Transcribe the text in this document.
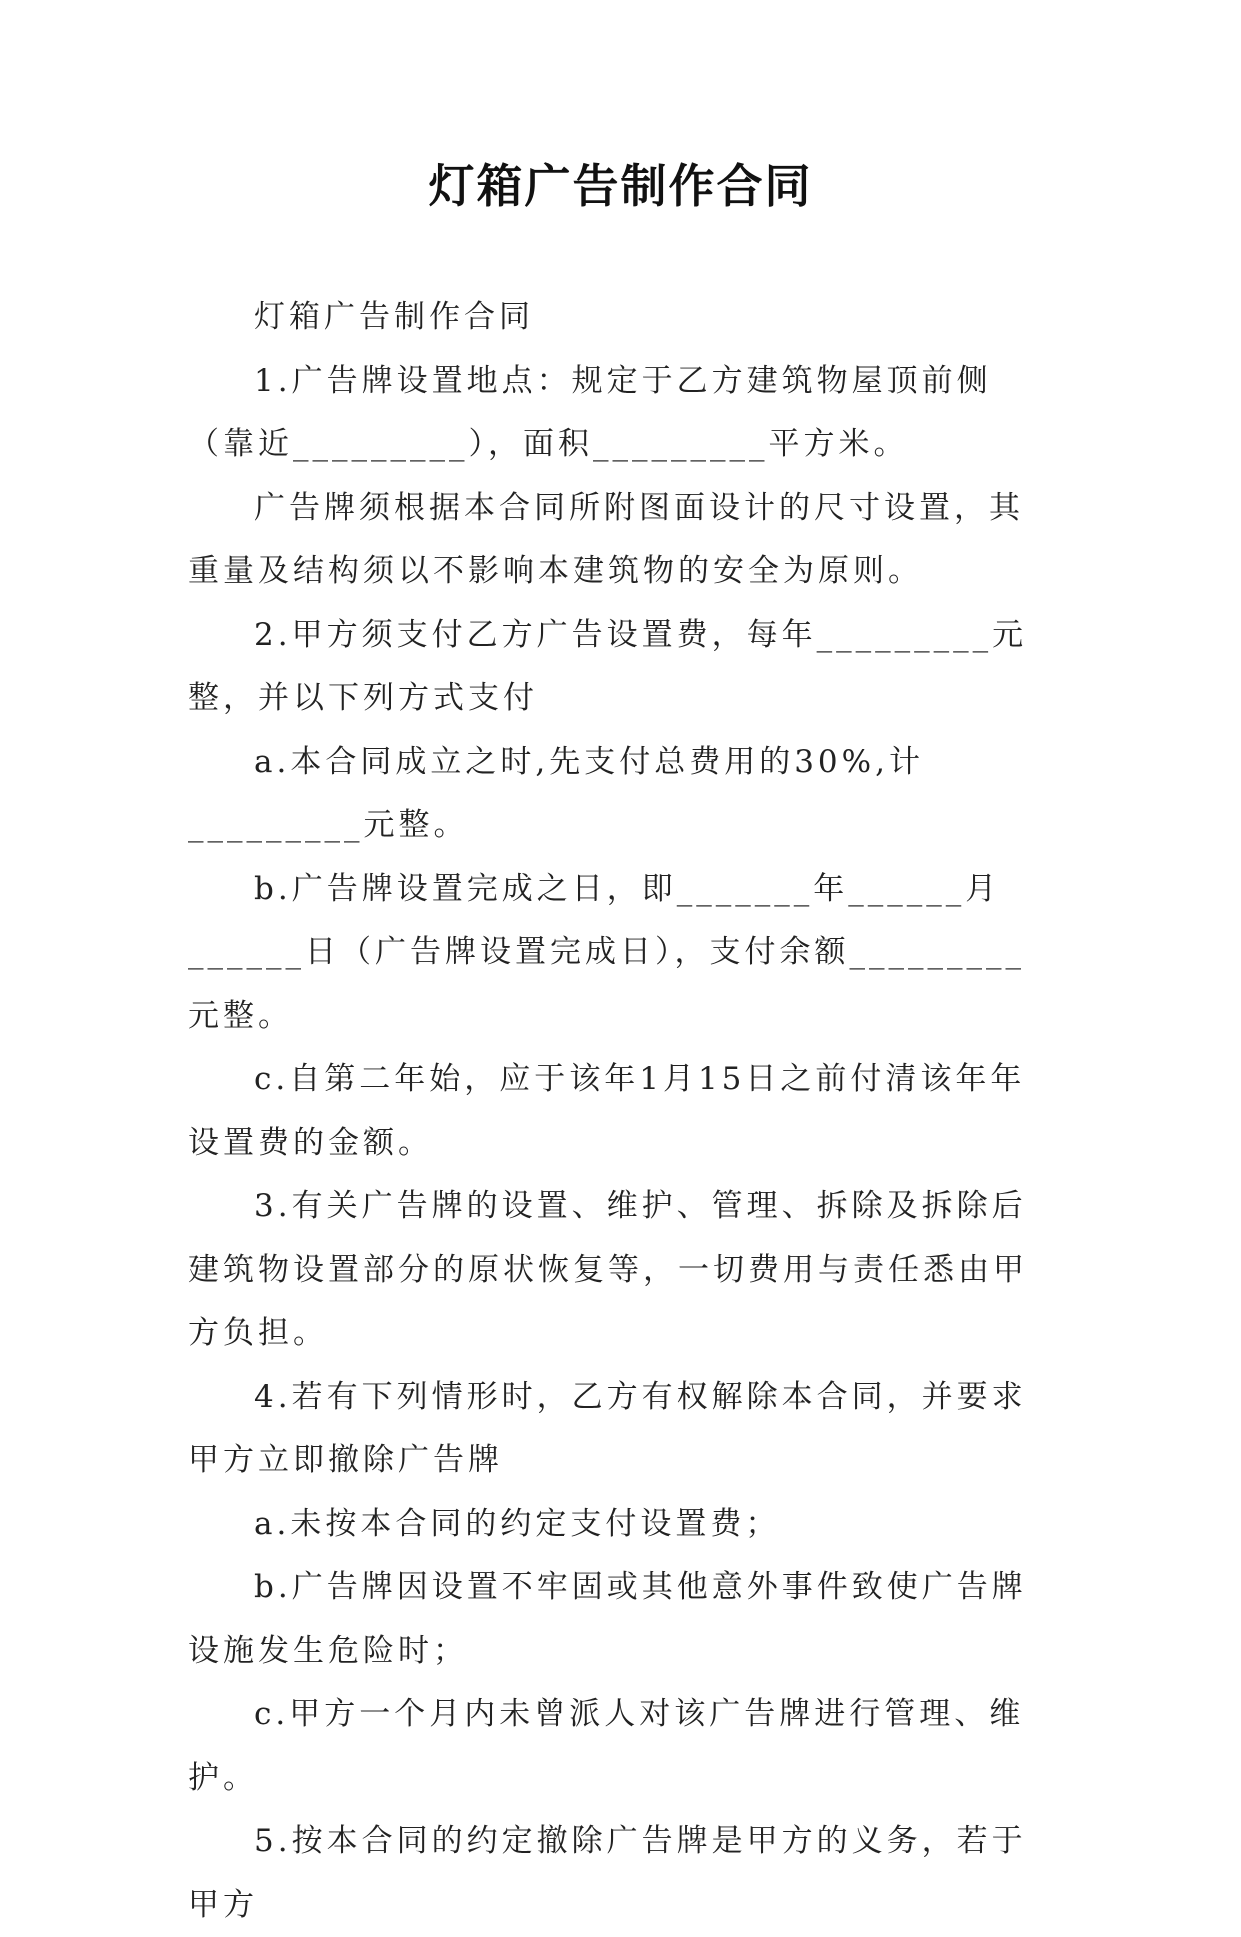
灯箱广告制作合同

灯箱广告制作合同

1.广告牌设置地点：规定于乙方建筑物屋顶前侧（靠近_________），面积_________平方米。

广告牌须根据本合同所附图面设计的尺寸设置，其重量及结构须以不影响本建筑物的安全为原则。

2.甲方须支付乙方广告设置费，每年_________元整，并以下列方式支付

a.本合同成立之时,先支付总费用的30%,计_________元整。

b.广告牌设置完成之日，即_______年______月______日（广告牌设置完成日），支付余额_________元整。

c.自第二年始，应于该年1月15日之前付清该年年设置费的金额。

3.有关广告牌的设置、维护、管理、拆除及拆除后建筑物设置部分的原状恢复等，一切费用与责任悉由甲方负担。

4.若有下列情形时，乙方有权解除本合同，并要求甲方立即撤除广告牌

a.未按本合同的约定支付设置费；

b.广告牌因设置不牢固或其他意外事件致使广告牌设施发生危险时；

c.甲方一个月内未曾派人对该广告牌进行管理、维护。

5.按本合同的约定撤除广告牌是甲方的义务，若于甲方
